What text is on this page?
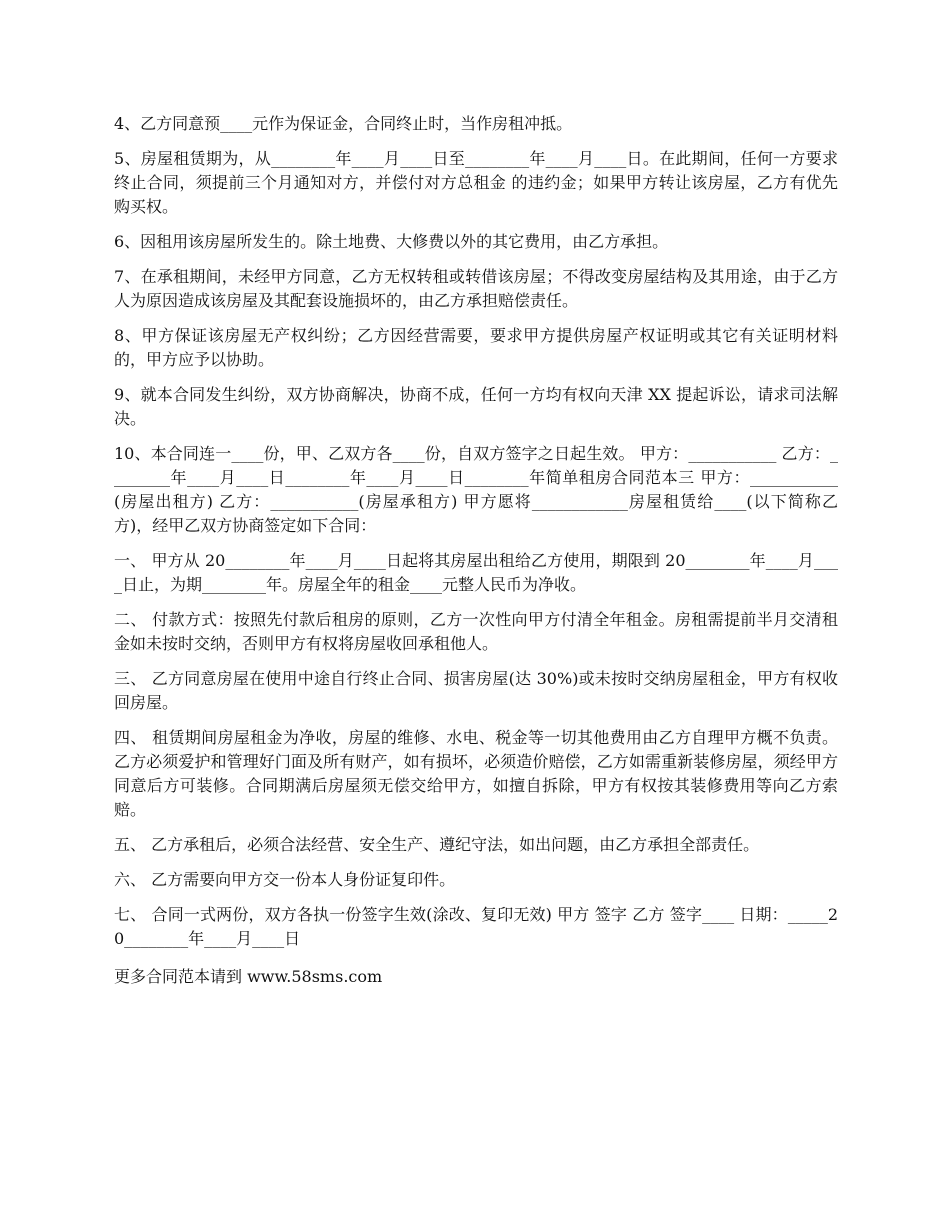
4、乙方同意预____元作为保证金，合同终止时，当作房租冲抵。

5、房屋租赁期为，从________年____月____日至________年____月____日。在此期间，任何一方要求终止合同，须提前三个月通知对方，并偿付对方总租金 的违约金；如果甲方转让该房屋，乙方有优先购买权。

6、因租用该房屋所发生的。除土地费、大修费以外的其它费用，由乙方承担。

7、在承租期间，未经甲方同意，乙方无权转租或转借该房屋；不得改变房屋结构及其用途，由于乙方人为原因造成该房屋及其配套设施损坏的，由乙方承担赔偿责任。

8、甲方保证该房屋无产权纠纷；乙方因经营需要，要求甲方提供房屋产权证明或其它有关证明材料的，甲方应予以协助。

9、就本合同发生纠纷，双方协商解决，协商不成，任何一方均有权向天津 XX 提起诉讼，请求司法解决。

10、本合同连一____份，甲、乙双方各____份，自双方签字之日起生效。 甲方：___________ 乙方：________年____月____日________年____月____日________年简单租房合同范本三 甲方：___________(房屋出租方) 乙方：___________(房屋承租方) 甲方愿将____________房屋租赁给____(以下简称乙方)，经甲乙双方协商签定如下合同：

一、 甲方从 20________年____月____日起将其房屋出租给乙方使用，期限到 20________年____月____日止，为期________年。房屋全年的租金____元整人民币为净收。

二、 付款方式：按照先付款后租房的原则，乙方一次性向甲方付清全年租金。房租需提前半月交清租金如未按时交纳，否则甲方有权将房屋收回承租他人。

三、 乙方同意房屋在使用中途自行终止合同、损害房屋(达 30%)或未按时交纳房屋租金，甲方有权收回房屋。

四、 租赁期间房屋租金为净收，房屋的维修、水电、税金等一切其他费用由乙方自理甲方概不负责。乙方必须爱护和管理好门面及所有财产，如有损坏，必须造价赔偿，乙方如需重新装修房屋，须经甲方同意后方可装修。合同期满后房屋须无偿交给甲方，如擅自拆除，甲方有权按其装修费用等向乙方索赔。

五、 乙方承租后，必须合法经营、安全生产、遵纪守法，如出问题，由乙方承担全部责任。

六、 乙方需要向甲方交一份本人身份证复印件。

七、 合同一式两份，双方各执一份签字生效(涂改、复印无效) 甲方 签字 乙方 签字____ 日期：_____20________年____月____日

更多合同范本请到 www.58sms.com
